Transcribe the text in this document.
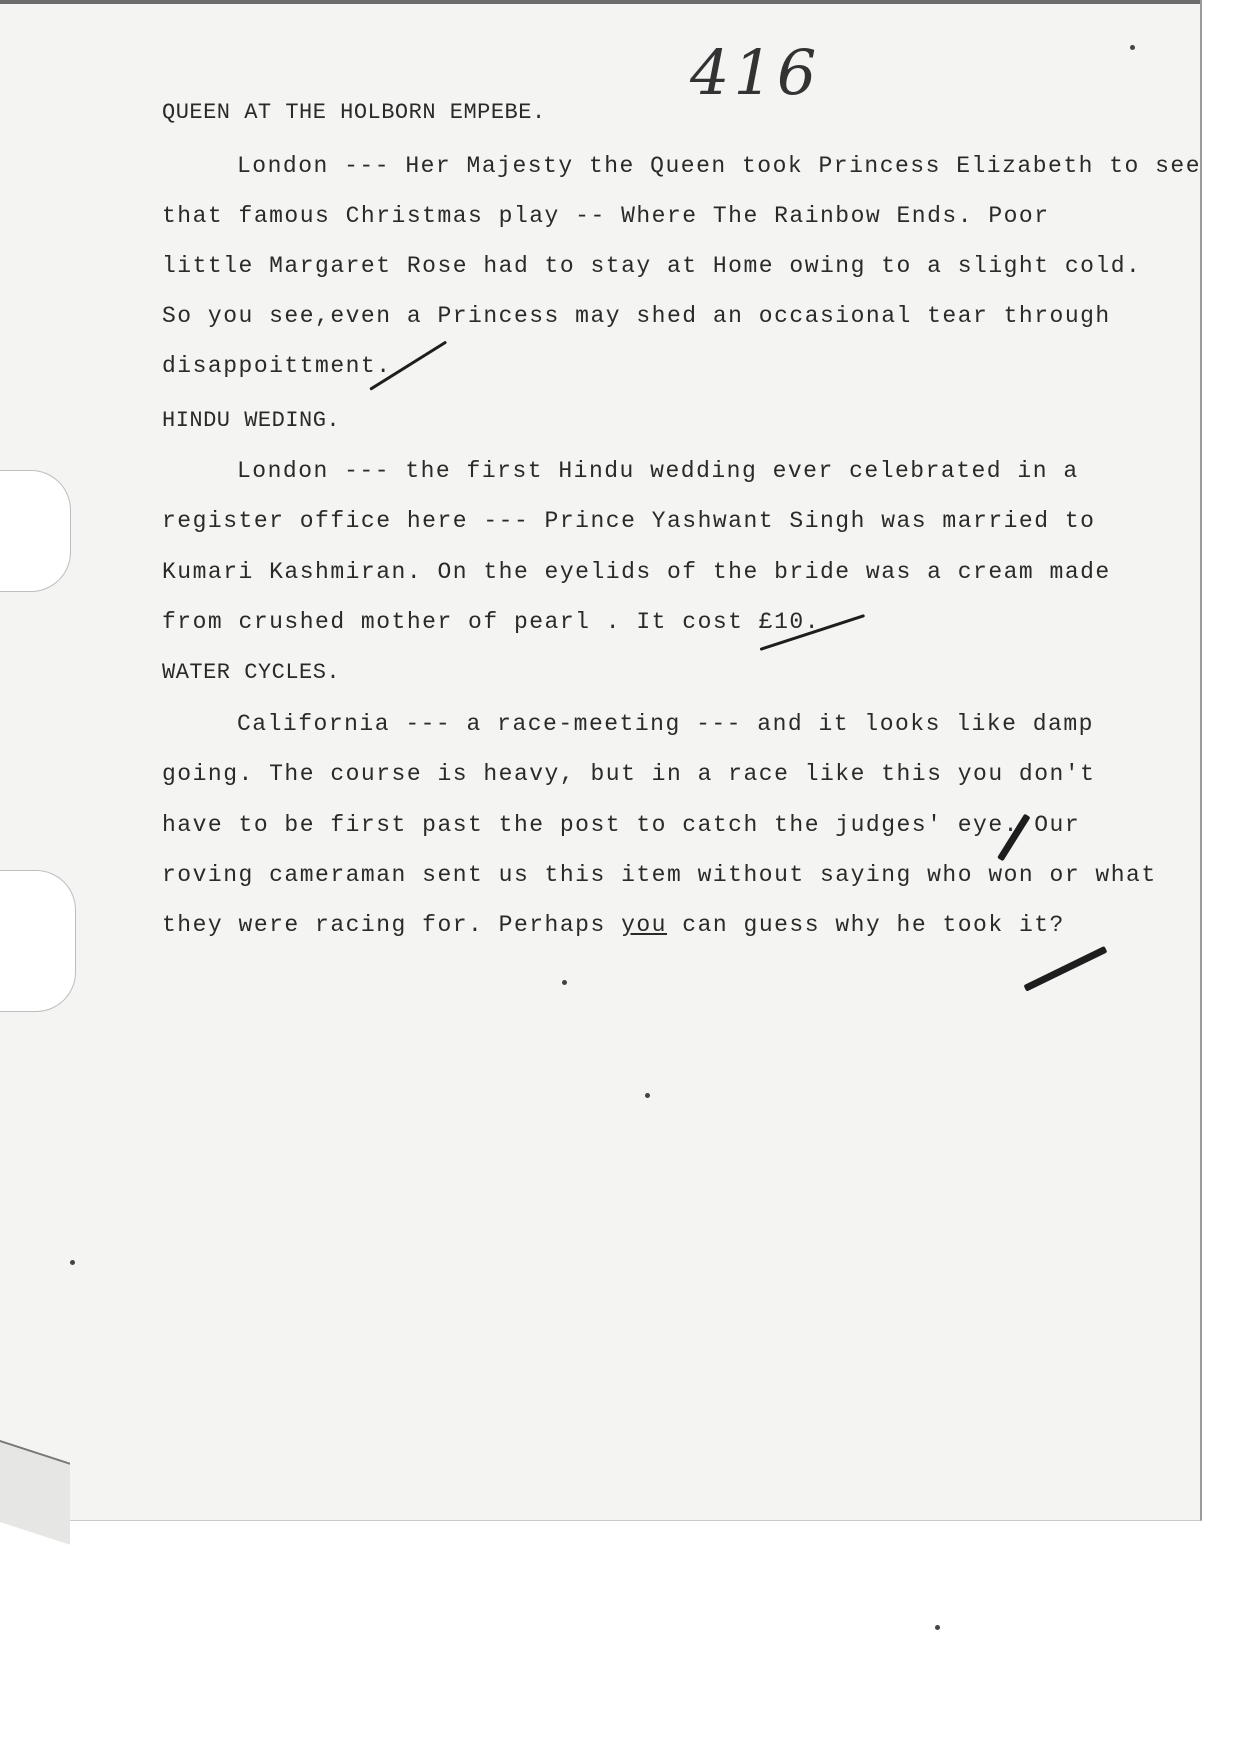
416

QUEEN AT THE HOLBORN EMPEBE.

London --- Her Majesty the Queen took Princess Elizabeth to see

that famous Christmas play -- Where The Rainbow Ends. Poor

little Margaret Rose had to stay at Home owing to a slight cold.

So you see,even a Princess may shed an occasional tear through

disappoittment.

HINDU WEDING.

London --- the first Hindu wedding ever celebrated in a

register office here --- Prince Yashwant Singh was married to

Kumari Kashmiran. On the eyelids of the bride was a cream made

from crushed mother of pearl . It cost £10.

WATER CYCLES.

California --- a race-meeting --- and it looks like damp

going. The course is heavy, but in a race like this you don't

have to be first past the post to catch the judges' eye. Our

roving cameraman sent us this item without saying who won or what

they were racing for. Perhaps you can guess why he took it?
